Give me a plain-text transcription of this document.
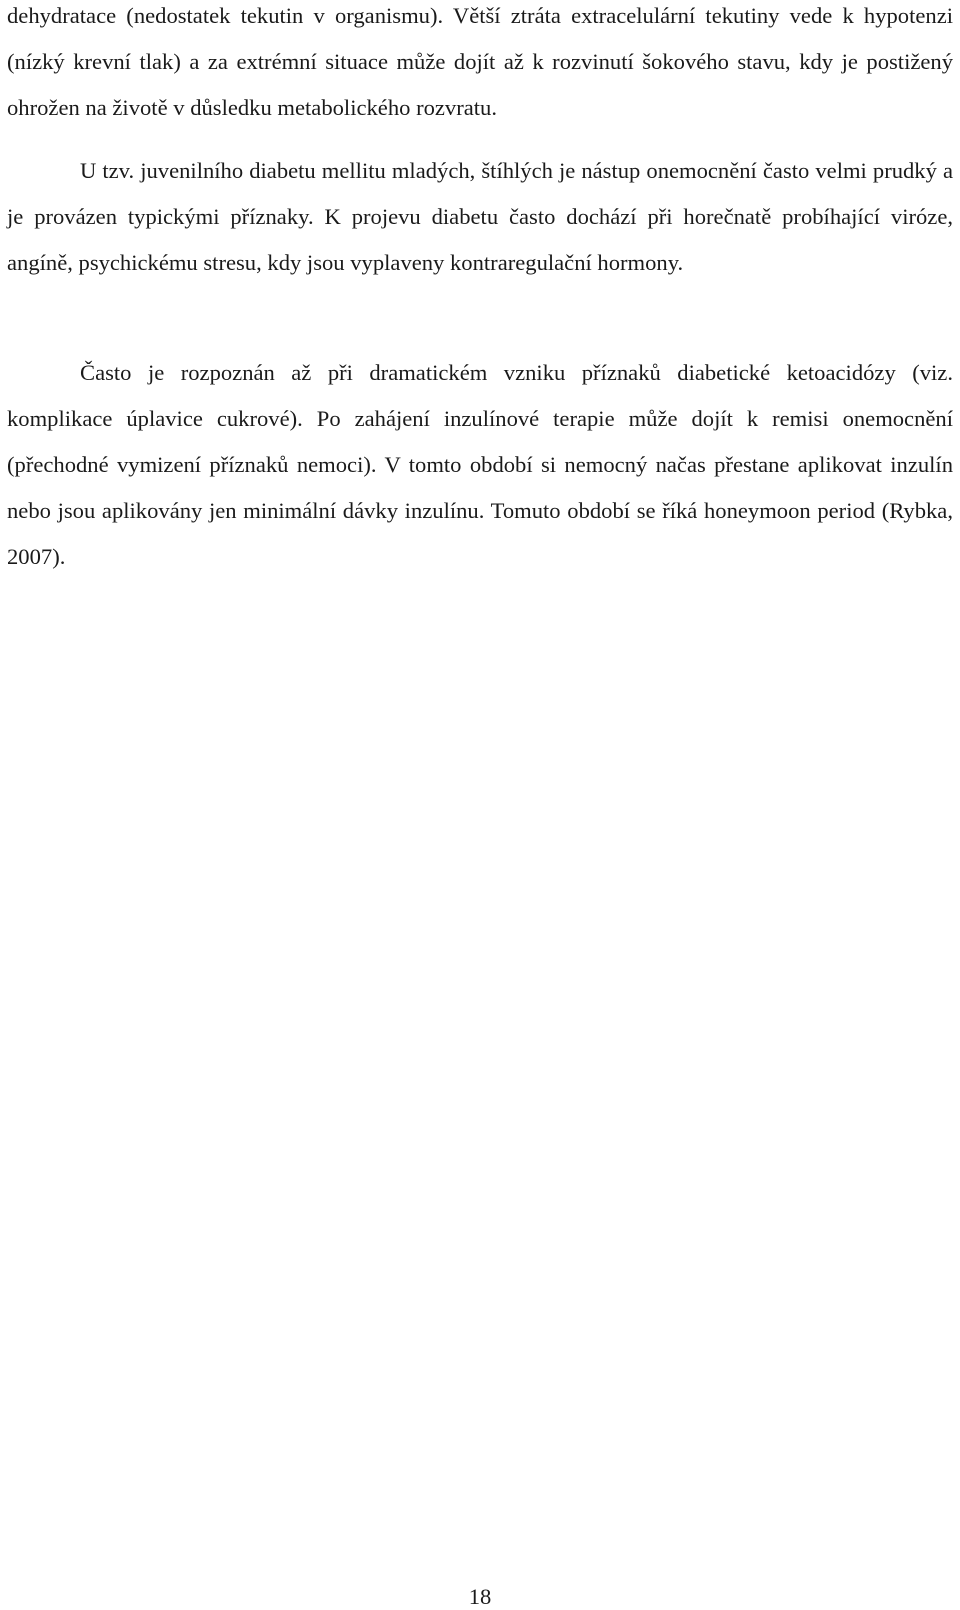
dehydratace (nedostatek tekutin v organismu). Větší ztráta extracelulární tekutiny vede k hypotenzi (nízký krevní tlak) a za extrémní situace může dojít až k rozvinutí šokového stavu, kdy je postižený ohrožen na životě v důsledku metabolického rozvratu.

U tzv. juvenilního diabetu mellitu mladých, štíhlých je nástup onemocnění často velmi prudký a je provázen typickými příznaky. K projevu diabetu často dochází při horečnatě probíhající viróze, angíně, psychickému stresu, kdy jsou vyplaveny kontraregulační hormony.

Často je rozpoznán až při dramatickém vzniku příznaků diabetické ketoacidózy (viz. komplikace úplavice cukrové). Po zahájení inzulínové terapie může dojít k remisi onemocnění (přechodné vymizení příznaků nemoci). V tomto období si nemocný načas přestane aplikovat inzulín nebo jsou aplikovány jen minimální dávky inzulínu. Tomuto období se říká honeymoon period (Rybka, 2007).

18
